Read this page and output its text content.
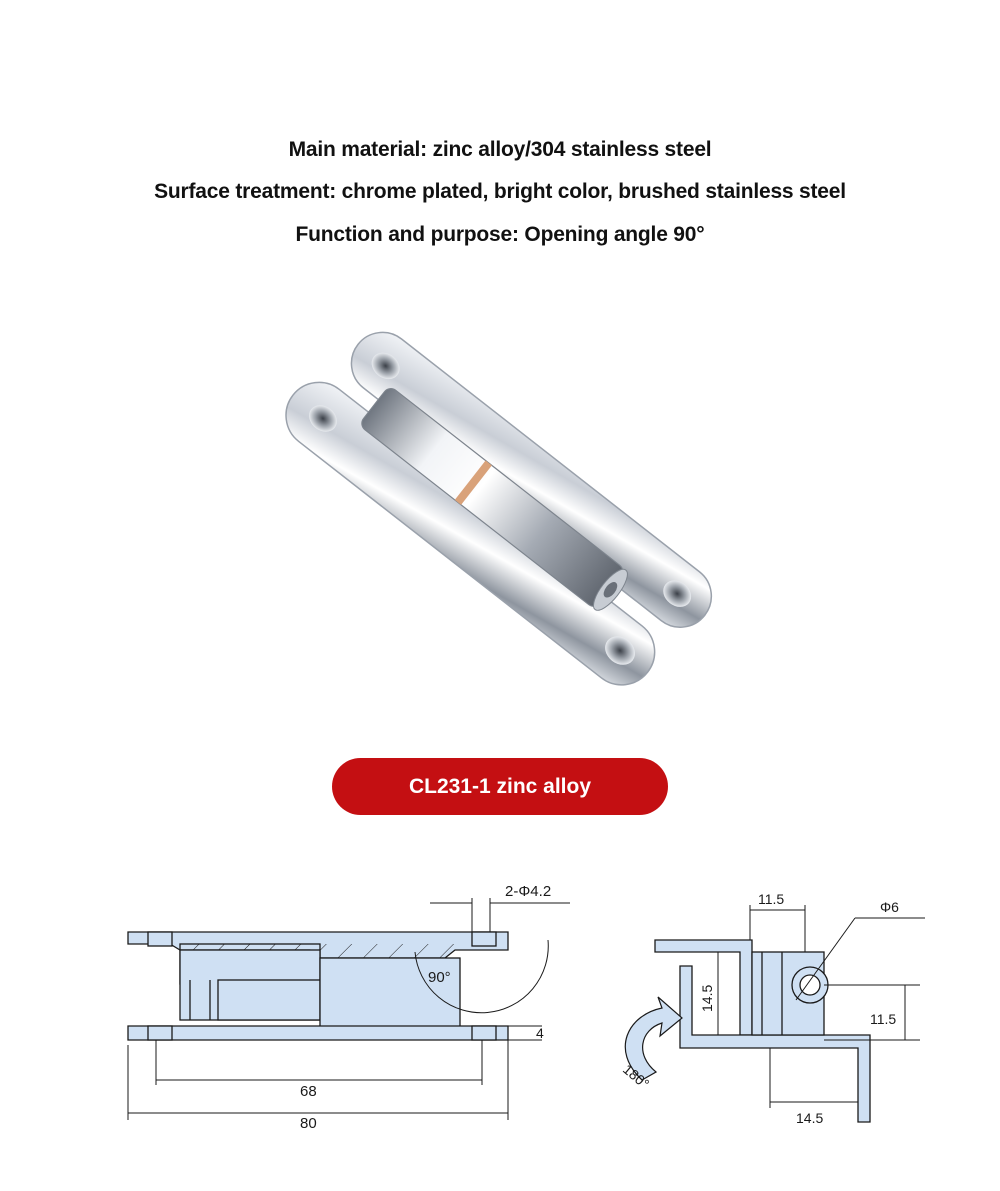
Main material: zinc alloy/304 stainless steel
Surface treatment: chrome plated, bright color, brushed stainless steel
Function and purpose: Opening angle 90°
CL231-1 zinc alloy
90°
2-Φ4.2
4
68
80
11.5	Φ6
14.5
11.5
180°
14.5
